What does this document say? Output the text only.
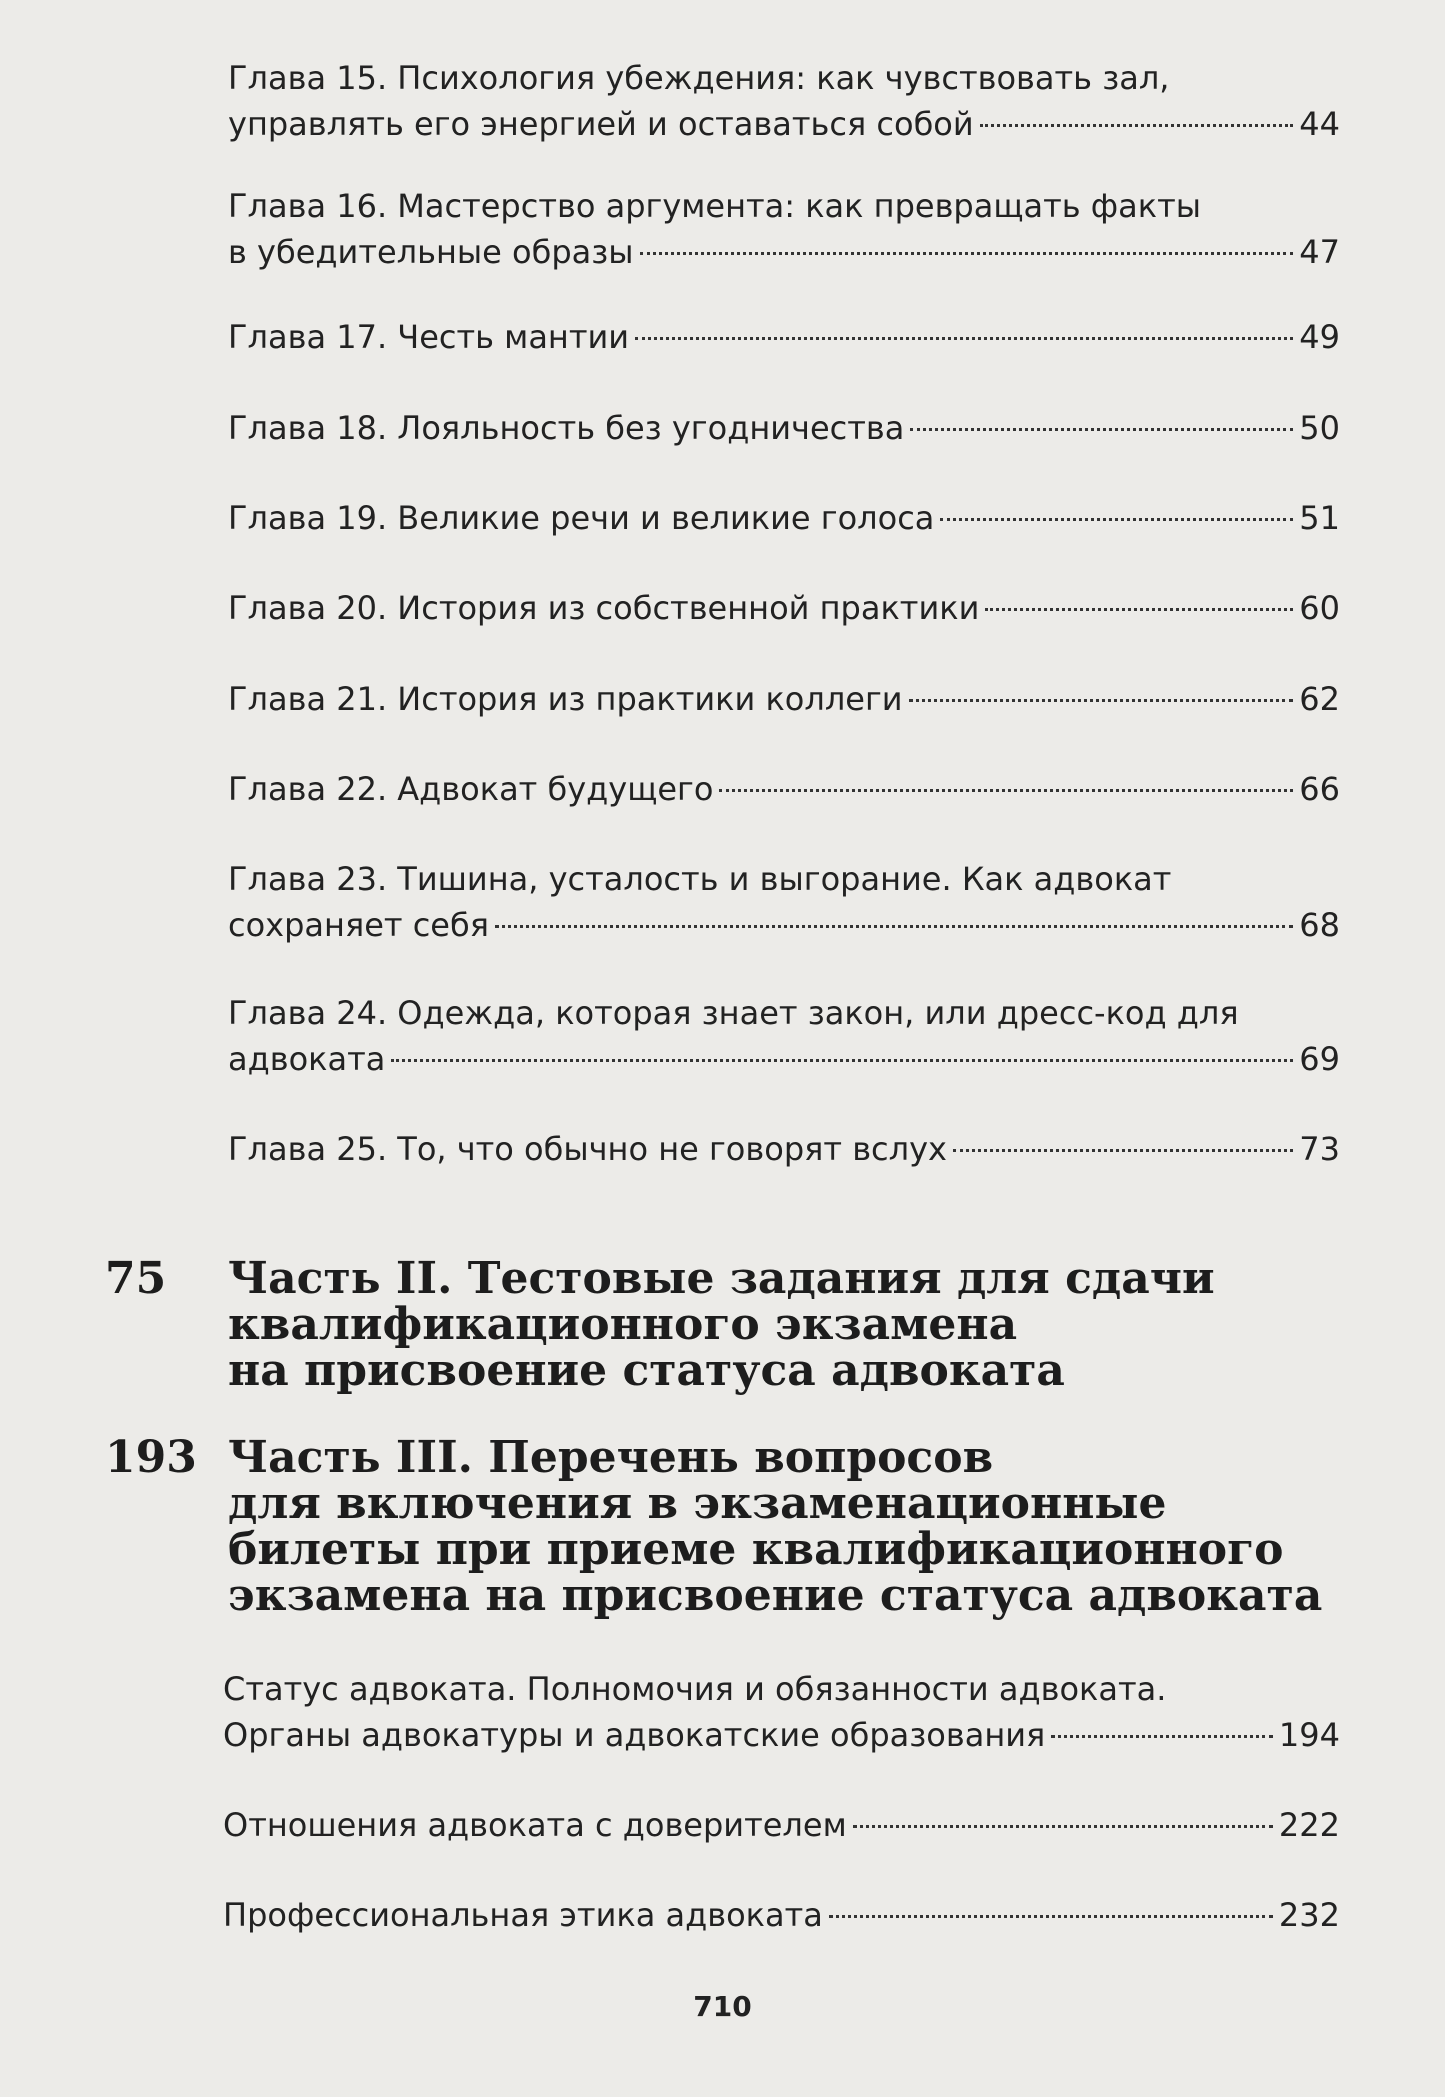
Глава 15. Психология убеждения: как чувствовать зал,
управлять его энергией и оставаться собой	44
Глава 16. Мастерство аргумента: как превращать факты
в убедительные образы	47
Глава 17. Честь мантии	49
Глава 18. Лояльность без угодничества	50
Глава 19. Великие речи и великие голоса	51
Глава 20. История из собственной практики	60
Глава 21. История из практики коллеги	62
Глава 22. Адвокат будущего	66
Глава 23. Тишина, усталость и выгорание. Как адвокат
сохраняет себя	68
Глава 24. Одежда, которая знает закон, или дресс-код для
адвоката	69
Глава 25. То, что обычно не говорят вслух	73
75 Часть II. Тестовые задания для сдачи
квалификационного экзамена
на присвоение статуса адвоката
193 Часть III. Перечень вопросов
для включения в экзаменационные
билеты при приеме квалификационного
экзамена на присвоение статуса адвоката
Статус адвоката. Полномочия и обязанности адвоката.
Органы адвокатуры и адвокатские образования	194
Отношения адвоката с доверителем	222
Профессиональная этика адвоката	232
710
